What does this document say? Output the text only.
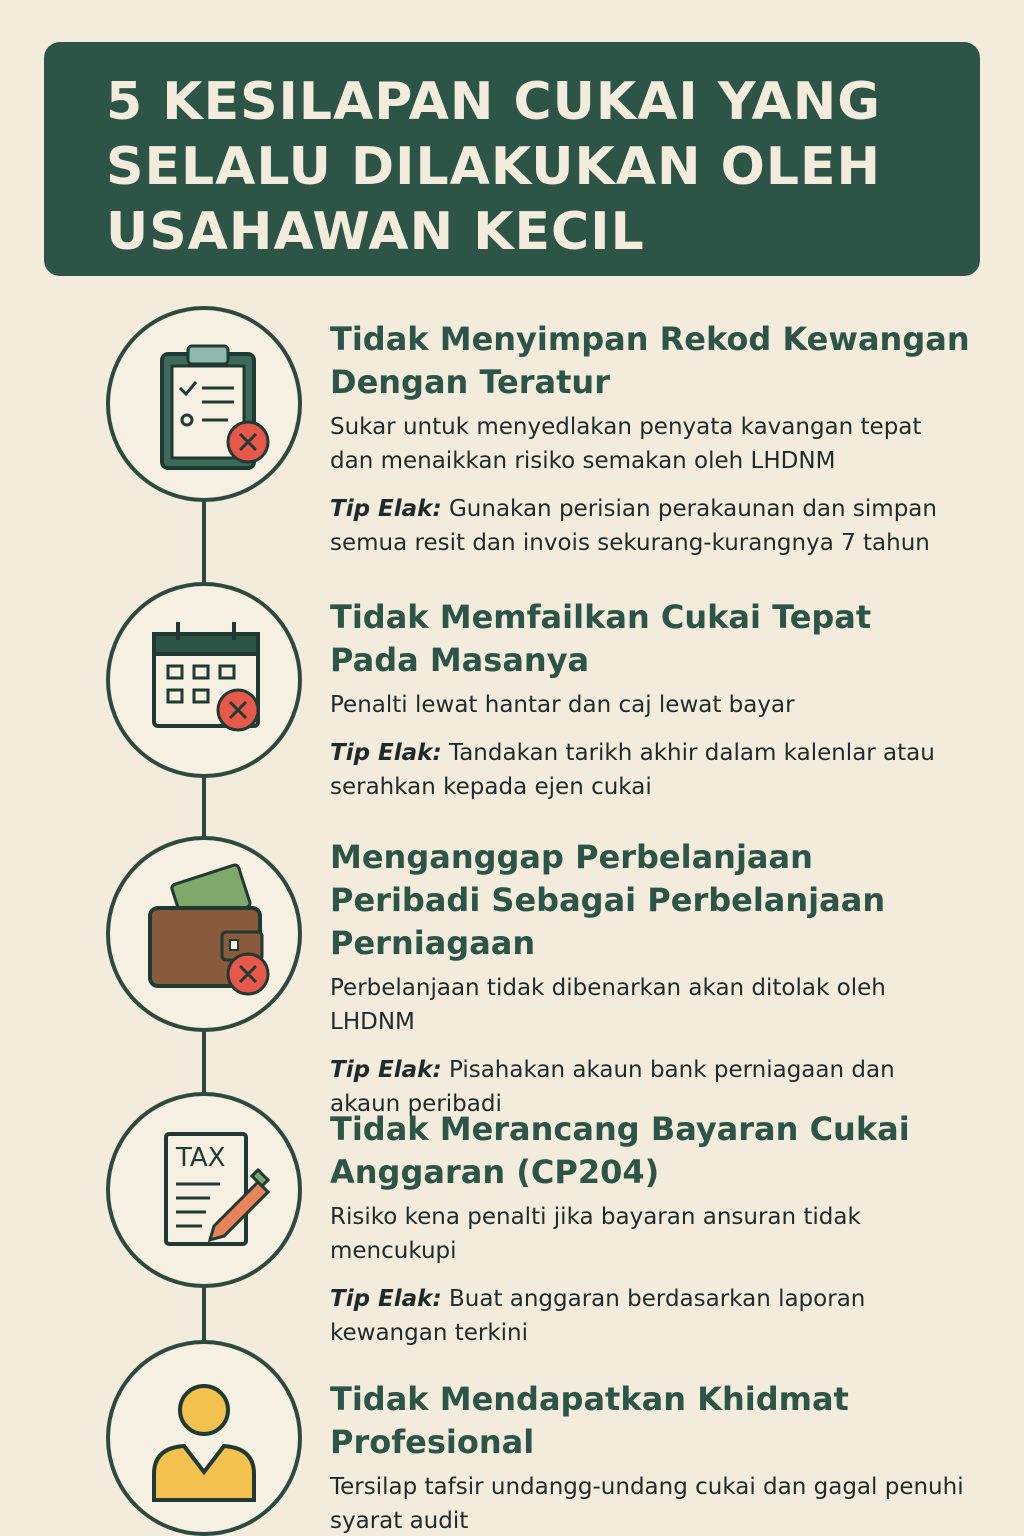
5 KESILAPAN CUKAI YANG SELALU DILAKUKAN OLEH USAHAWAN KECIL
Tidak Menyimpan Rekod Kewangan Dengan Teratur

Sukar untuk menyedlakan penyata kavangan tepat dan menaikkan risiko semakan oleh LHDNM

Tip Elak: Gunakan perisian perakaunan dan simpan semua resit dan invois sekurang-kurangnya 7 tahun

Tidak Memfailkan Cukai Tepat Pada Masanya

Penalti lewat hantar dan caj lewat bayar

Tip Elak: Tandakan tarikh akhir dalam kalenlar atau serahkan kepada ejen cukai

Menganggap Perbelanjaan Peribadi Sebagai Perbelanjaan Perniagaan

Perbelanjaan tidak dibenarkan akan ditolak oleh LHDNM

Tip Elak: Pisahakan akaun bank perniagaan dan akaun peribadi

TAX
Tidak Merancang Bayaran Cukai Anggaran (CP204)

Risiko kena penalti jika bayaran ansuran tidak mencukupi

Tip Elak: Buat anggaran berdasarkan laporan kewangan terkini

Tidak Mendapatkan Khidmat Profesional

Tersilap tafsir undangg-undang cukai dan gagal penuhi syarat audit
